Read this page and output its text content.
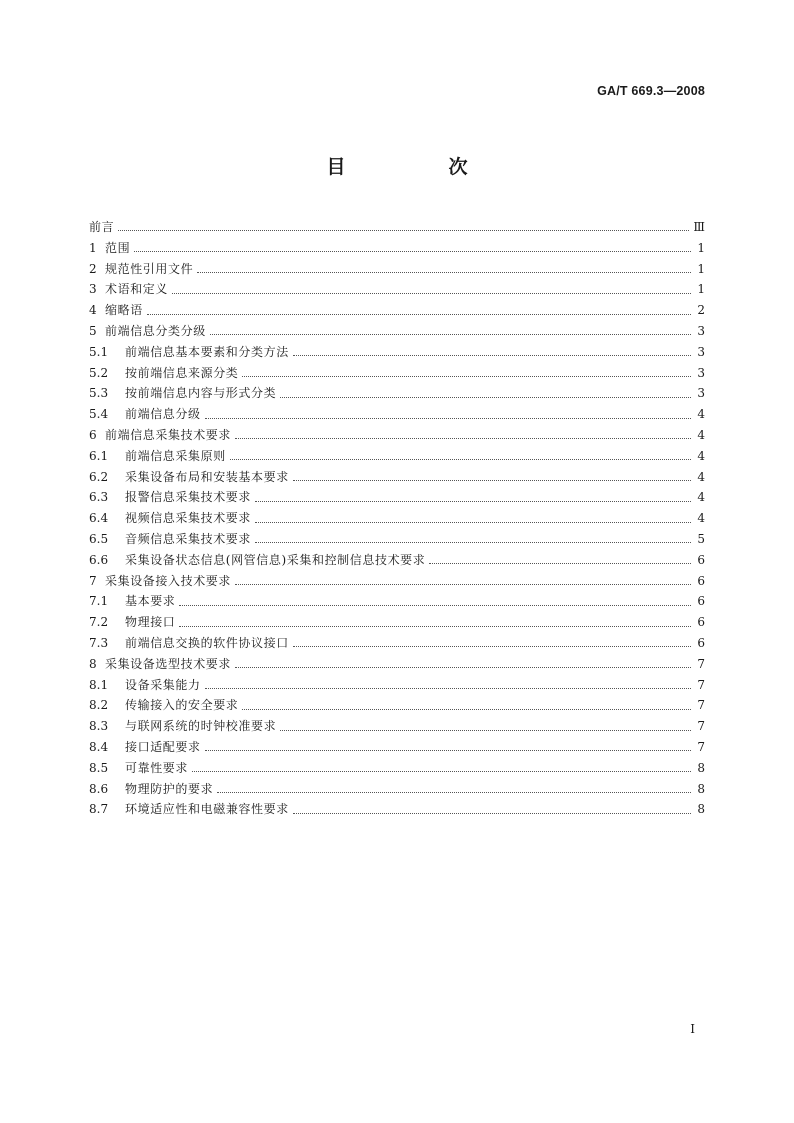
GA/T 669.3—2008
目　次
前言	Ⅲ
1 范围	1
2 规范性引用文件	1
3 术语和定义	1
4 缩略语	2
5 前端信息分类分级	3
5.1	前端信息基本要素和分类方法	3
5.2	按前端信息来源分类	3
5.3	按前端信息内容与形式分类	3
5.4	前端信息分级	4
6 前端信息采集技术要求	4
6.1	前端信息采集原则	4
6.2	采集设备布局和安装基本要求	4
6.3	报警信息采集技术要求	4
6.4	视频信息采集技术要求	4
6.5	音频信息采集技术要求	5
6.6	采集设备状态信息(网管信息)采集和控制信息技术要求	6
7 采集设备接入技术要求	6
7.1	基本要求	6
7.2	物理接口	6
7.3	前端信息交换的软件协议接口	6
8 采集设备选型技术要求	7
8.1	设备采集能力	7
8.2	传输接入的安全要求	7
8.3	与联网系统的时钟校准要求	7
8.4	接口适配要求	7
8.5	可靠性要求	8
8.6	物理防护的要求	8
8.7	环境适应性和电磁兼容性要求	8
I
